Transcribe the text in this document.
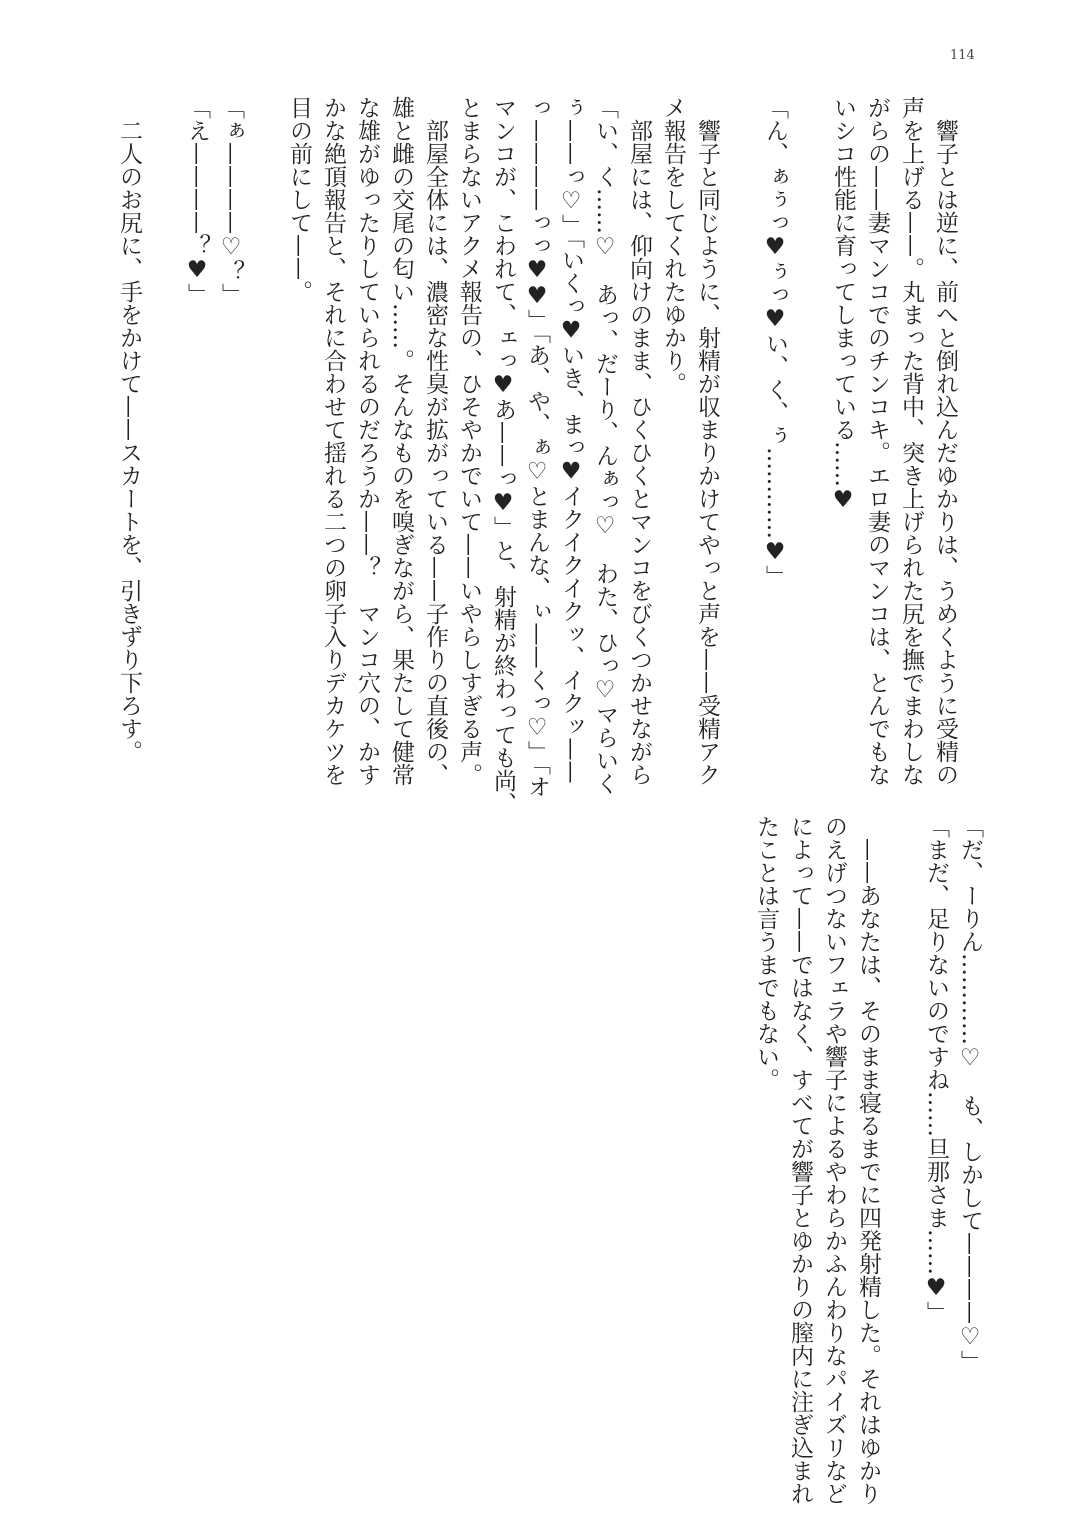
114

　響子とは逆に、前へと倒れ込んだゆかりは、うめくように受精の

声を上げる——。丸まった背中、突き上げられた尻を撫でまわしな

がらの——妻マンコでのチンコキ。エロ妻のマンコは、とんでもな

いシコ性能に育ってしまっている……♥

「ん、ぁぅっ♥ぅっ♥い、く、ぅ…………♥」

　響子と同じように、射精が収まりかけてやっと声を——受精アク

メ報告をしてくれたゆかり。

　部屋には、仰向けのまま、ひくひくとマンコをびくつかせながら

「い、く……♡　あっ、だーり、んぁっ♡　わた、ひっ♡マらいく

ぅ——っ♡」「いくっ♥いき、まっ♥イクイクイクッ、イクッ——

っ————っっ♥♥」「あ、や、ぁ♡とまんな、ぃ——くっ♡」「オ

マンコが、こわれて、ェっ♥あ——っ♥」と、射精が終わっても尚、

とまらないアクメ報告の、ひそやかでいて——いやらしすぎる声。

　部屋全体には、濃密な性臭が拡がっている——子作りの直後の、

雄と雌の交尾の匂い……。そんなものを嗅ぎながら、果たして健常

な雄がゆったりしていられるのだろうか——？　マンコ穴の、かす

かな絶頂報告と、それに合わせて揺れる二つの卵子入りデカケツを

目の前にして——。

「ぁ————♡？」

「え————？♥」

　二人のお尻に、手をかけて——スカートを、引きずり下ろす。

「だ、ーりん…………♡　も、しかして————♡」

「まだ、足りないのですね……旦那さま……♥」

　——あなたは、そのまま寝るまでに四発射精した。それはゆかり

のえげつないフェラや響子によるやわらかふんわりなパイズリなど

によって——ではなく、すべてが響子とゆかりの膣内に注ぎ込まれ

たことは言うまでもない。
